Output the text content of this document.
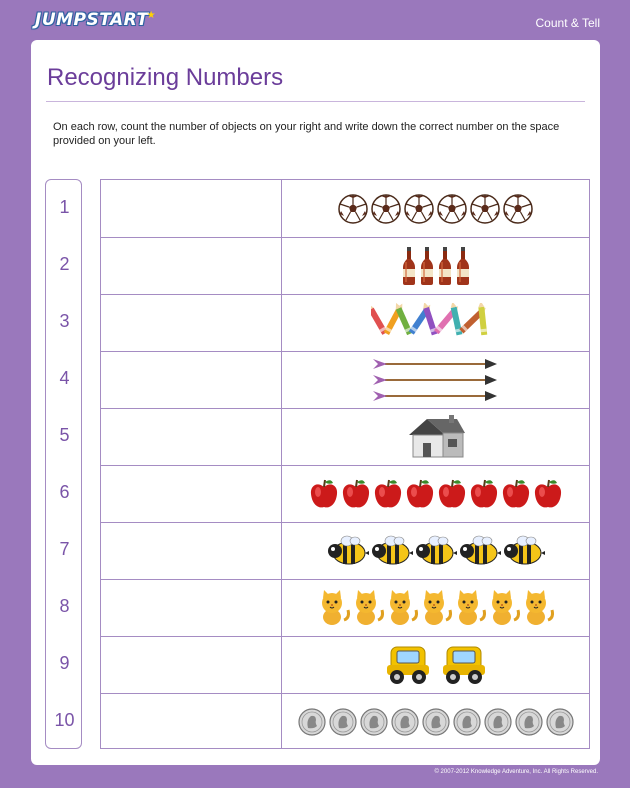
JUMPSTART★
Count & Tell
Recognizing Numbers
On each row, count the number of objects on your right and write down the correct number on the space provided on your left.
1
2
3
4
5
6
7
8
9
10
© 2007-2012 Knowledge Adventure, Inc. All Rights Reserved.
